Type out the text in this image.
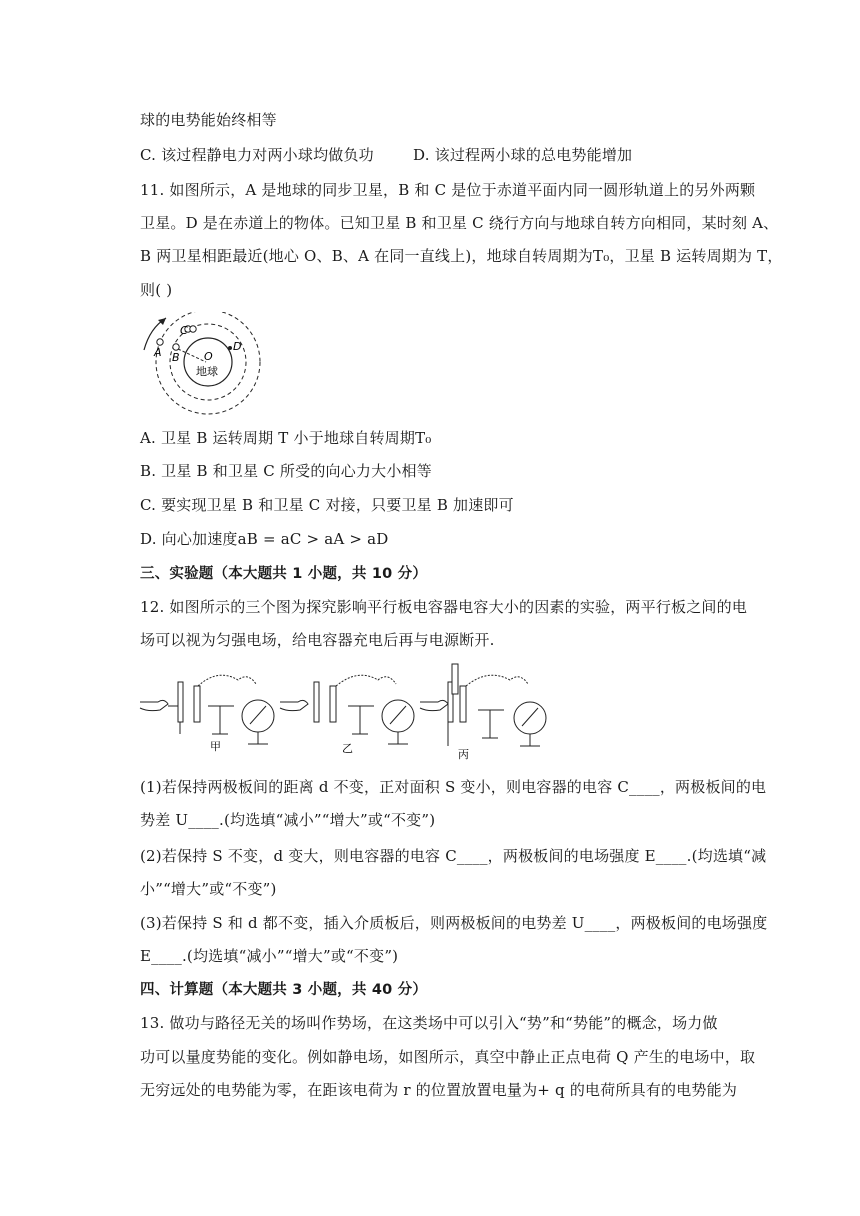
球的电势能始终相等
C. 该过程静电力对两小球均做负功	D. 该过程两小球的总电势能增加
11. 如图所示，A 是地球的同步卫星，B 和 C 是位于赤道平面内同一圆形轨道上的另外两颗
卫星。D 是在赤道上的物体。已知卫星 B 和卫星 C 绕行方向与地球自转方向相同，某时刻 A、
B 两卫星相距最近(地心 O、B、A 在同一直线上)，地球自转周期为T₀，卫星 B 运转周期为 T，
则( )
A B
C
D
O
地球
A. 卫星 B 运转周期 T 小于地球自转周期T₀
B. 卫星 B 和卫星 C 所受的向心力大小相等
C. 要实现卫星 B 和卫星 C 对接，只要卫星 B 加速即可
D. 向心加速度aB = aC > aA > aD
三、实验题（本大题共 1 小题，共 10 分）
12. 如图所示的三个图为探究影响平行板电容器电容大小的因素的实验，两平行板之间的电
场可以视为匀强电场，给电容器充电后再与电源断开.
甲	乙	丙
(1)若保持两极板间的距离 d 不变，正对面积 S 变小，则电容器的电容 C____，两极板间的电
势差 U____.(均选填“减小”“增大”或“不变”)
(2)若保持 S 不变，d 变大，则电容器的电容 C____，两极板间的电场强度 E____.(均选填“减
小”“增大”或“不变”)
(3)若保持 S 和 d 都不变，插入介质板后，则两极板间的电势差 U____，两极板间的电场强度
E____.(均选填“减小”“增大”或“不变”)
四、计算题（本大题共 3 小题，共 40 分）
13. 做功与路径无关的场叫作势场，在这类场中可以引入“势”和“势能”的概念，场力做
功可以量度势能的变化。例如静电场，如图所示，真空中静止正点电荷 Q 产生的电场中，取
无穷远处的电势能为零，在距该电荷为 r 的位置放置电量为+ q 的电荷所具有的电势能为
